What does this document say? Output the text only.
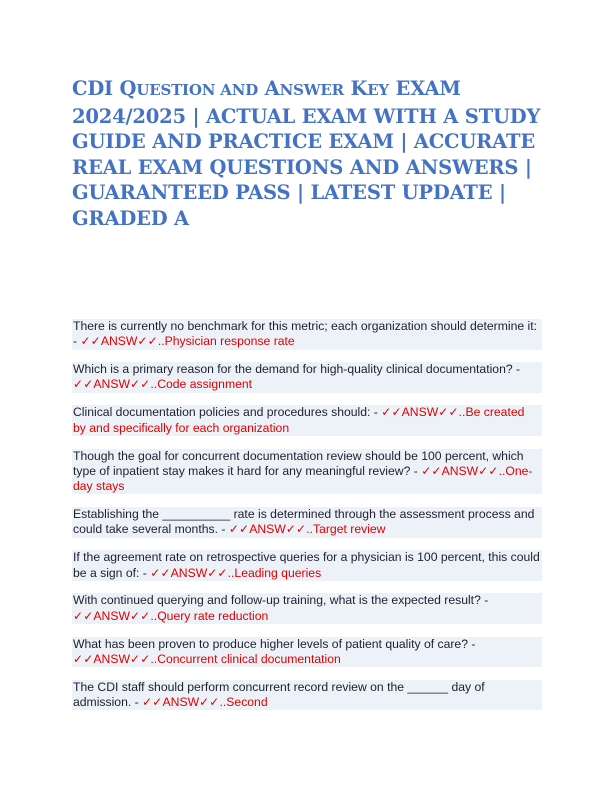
CDI QUESTION AND ANSWER KEY EXAM 2024/2025 | ACTUAL EXAM WITH A STUDY GUIDE AND PRACTICE EXAM | ACCURATE REAL EXAM QUESTIONS AND ANSWERS | GUARANTEED PASS | LATEST UPDATE | GRADED A

There is currently no benchmark for this metric; each organization should determine it: - ✓✓ANSW✓✓..Physician response rate

Which is a primary reason for the demand for high-quality clinical documentation? - ✓✓ANSW✓✓..Code assignment

Clinical documentation policies and procedures should: - ✓✓ANSW✓✓..Be created by and specifically for each organization

Though the goal for concurrent documentation review should be 100 percent, which type of inpatient stay makes it hard for any meaningful review? - ✓✓ANSW✓✓..One-day stays

Establishing the __________ rate is determined through the assessment process and could take several months. - ✓✓ANSW✓✓..Target review

If the agreement rate on retrospective queries for a physician is 100 percent, this could be a sign of: - ✓✓ANSW✓✓..Leading queries

With continued querying and follow-up training, what is the expected result? - ✓✓ANSW✓✓..Query rate reduction

What has been proven to produce higher levels of patient quality of care? - ✓✓ANSW✓✓..Concurrent clinical documentation

The CDI staff should perform concurrent record review on the ______ day of admission. - ✓✓ANSW✓✓..Second
